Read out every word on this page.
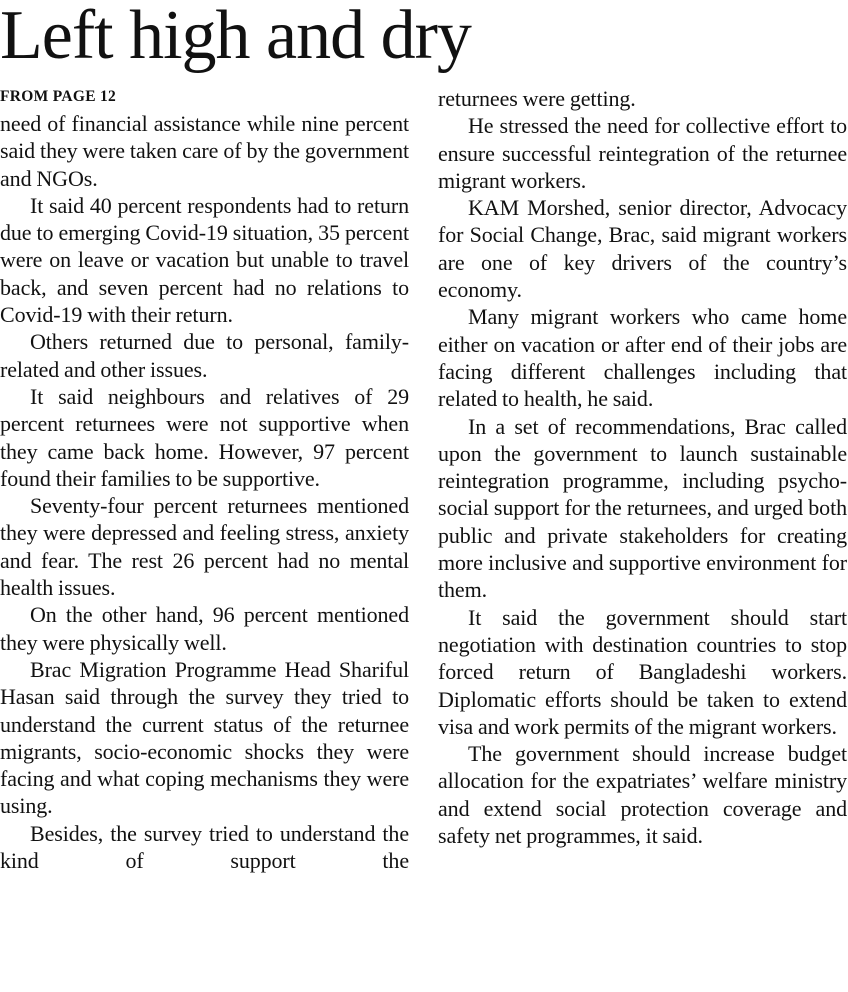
Left high and dry
FROM PAGE 12

need of financial assistance while nine percent said they were taken care of by the government and NGOs.

It said 40 percent respondents had to return due to emerging Covid-19 situation, 35 percent were on leave or vacation but unable to travel back, and seven percent had no relations to Covid-19 with their return.

Others returned due to personal, family-related and other issues.

It said neighbours and relatives of 29 percent returnees were not supportive when they came back home. However, 97 percent found their families to be supportive.

Seventy-four percent returnees mentioned they were depressed and feeling stress, anxiety and fear. The rest 26 percent had no mental health issues.

On the other hand, 96 percent mentioned they were physically well.

Brac Migration Programme Head Shariful Hasan said through the survey they tried to understand the current status of the returnee migrants, socio-economic shocks they were facing and what coping mechanisms they were using.

Besides, the survey tried to understand the kind of support the

returnees were getting.

He stressed the need for collective effort to ensure successful reintegration of the returnee migrant workers.

KAM Morshed, senior director, Advocacy for Social Change, Brac, said migrant workers are one of key drivers of the country’s economy.

Many migrant workers who came home either on vacation or after end of their jobs are facing different challenges including that related to health, he said.

In a set of recommendations, Brac called upon the government to launch sustainable reintegration programme, including psycho-social support for the returnees, and urged both public and private stakeholders for creating more inclusive and supportive environment for them.

It said the government should start negotiation with destination countries to stop forced return of Bangladeshi workers. Diplomatic efforts should be taken to extend visa and work permits of the migrant workers.

The government should increase budget allocation for the expatriates’ welfare ministry and extend social protection coverage and safety net programmes, it said.
